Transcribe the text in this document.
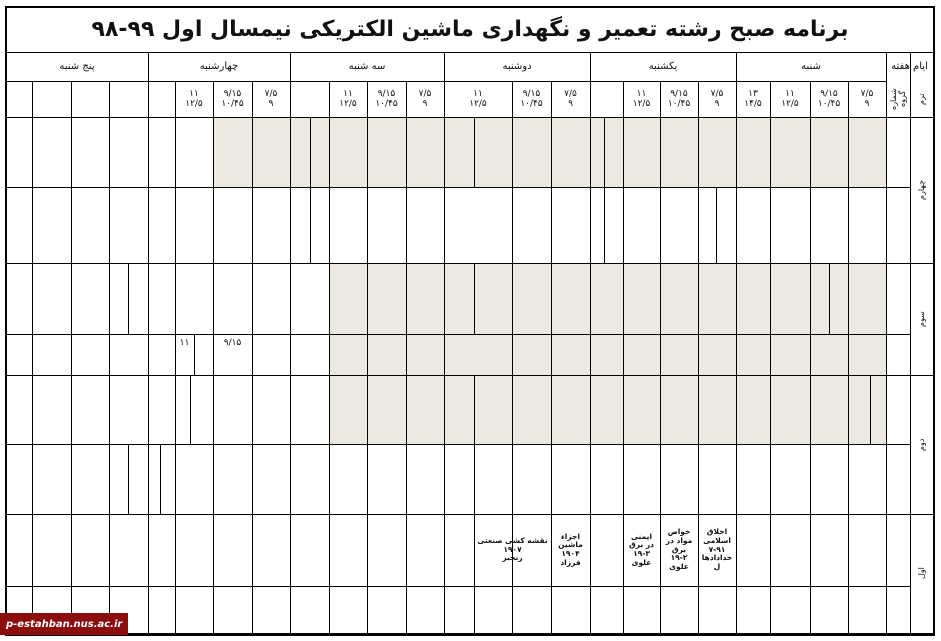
ایام هفته
ترم
شماره گروه
شنبه
یکشنبه
دوشنبه
سه شنبه
چهارشنبه
پنج شنبه
۷/۵
۹
۹/۱۵
۱۰/۴۵
۱۱
۱۲/۵
۱۳
۱۴/۵
۷/۵
۹
۹/۱۵
۱۰/۴۵
۱۱
۱۲/۵
۷/۵
۹
۹/۱۵
۱۰/۴۵
۱۱
۱۲/۵
۷/۵
۹
۹/۱۵
۱۰/۴۵
۱۱
۱۲/۵
۷/۵
۹
۹/۱۵
۱۰/۴۵
۱۱
۱۲/۵
چهارم
سوم
دوم
اول
۱۱	۹/۱۵
اخلاق
اسلامی
۷-۹۱
خدادادها
ل
خواص
مواد در
برق
۱۹-۲
علوی
ایمنی
در برق
۱۹-۳
علوی
اجزاء
ماشین
۱۹۰۴
فرزاد
نقشه کشی صنعتی
۱۹۰۷
رنجبر
برنامه صبح رشته تعمیر و نگهداری ماشین الکتریکی نیمسال اول ۹۹-۹۸
p-estahban.nus.ac.ir
